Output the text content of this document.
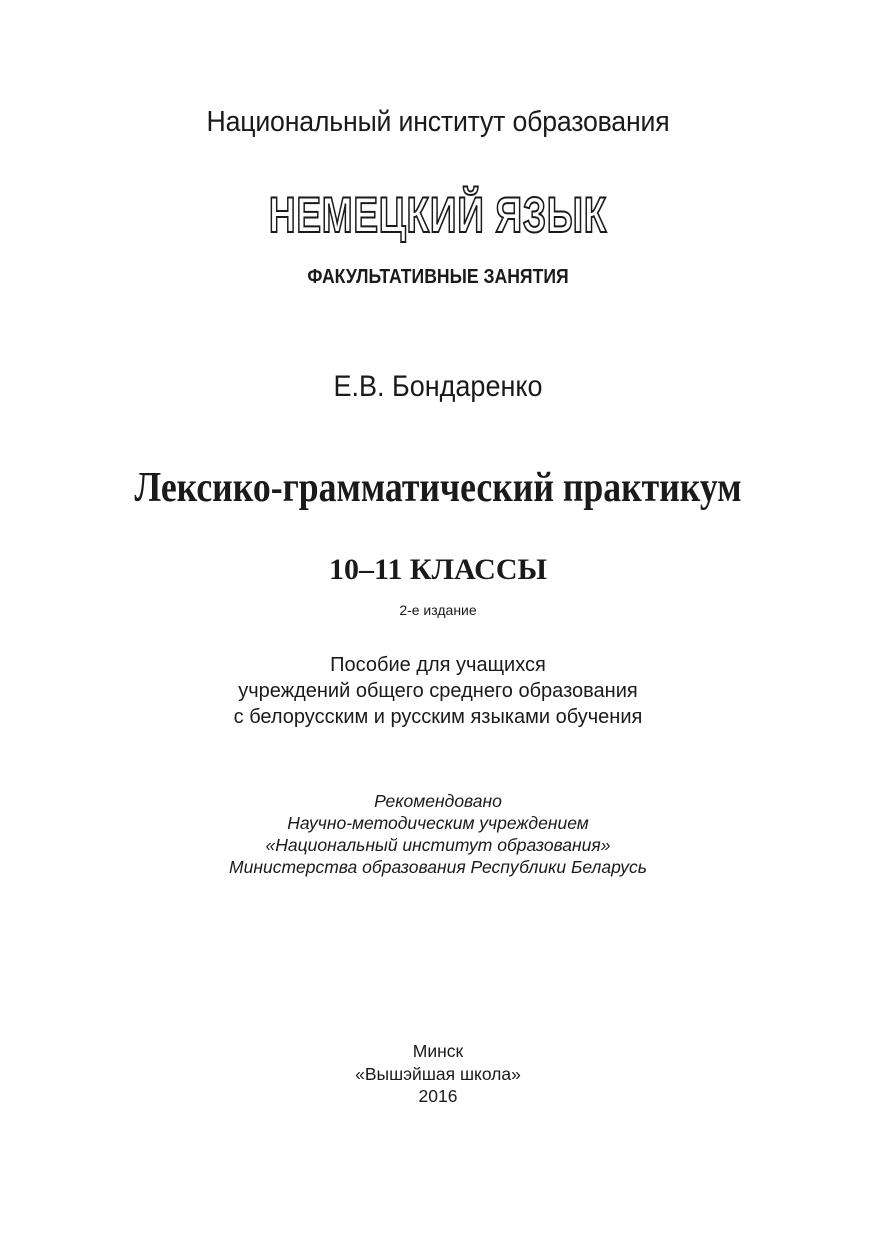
Национальный институт образования
НЕМЕЦКИЙ ЯЗЫК
ФАКУЛЬТАТИВНЫЕ ЗАНЯТИЯ
Е.В. Бондаренко
Лексико-грамматический практикум
10–11 КЛАССЫ
2-е издание
Пособие для учащихся
учреждений общего среднего образования
с белорусским и русским языками обучения
Рекомендовано
Научно-методическим учреждением
«Национальный институт образования»
Министерства образования Республики Беларусь
Минск
«Вышэйшая школа»
2016
